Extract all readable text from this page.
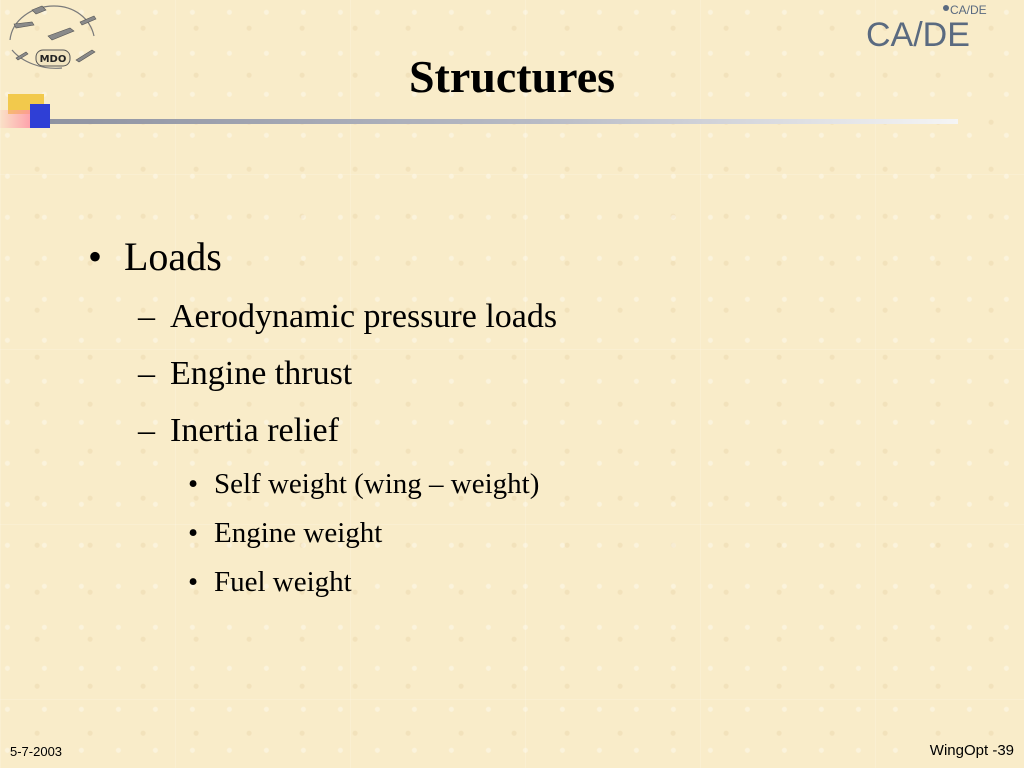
MDO
CA/DE
CA/DE
Structures
• Loads
– Aerodynamic pressure loads
– Engine thrust
– Inertia relief
• Self weight (wing – weight)
• Engine weight
• Fuel weight
5-7-2003	WingOpt -39
